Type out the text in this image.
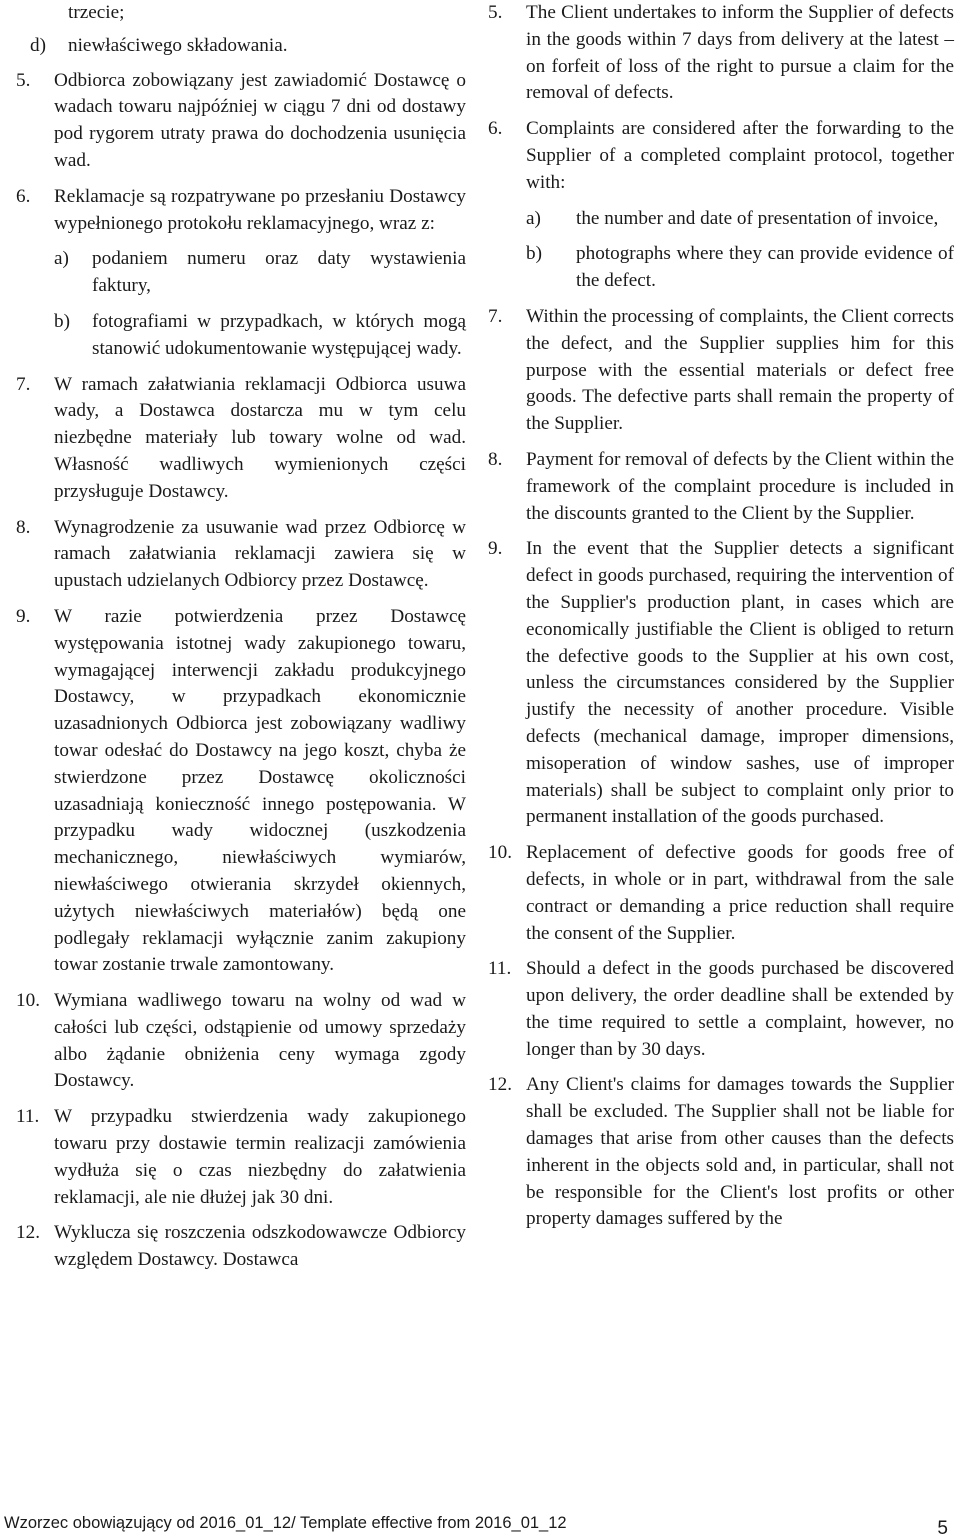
trzecie;
d)	niewłaściwego składowania.
5.	Odbiorca zobowiązany jest zawiadomić Dostawcę o wadach towaru najpóźniej w ciągu 7 dni od dostawy pod rygorem utraty prawa do dochodzenia usunięcia wad.
6.	Reklamacje są rozpatrywane po przesłaniu Dostawcy wypełnionego protokołu reklamacyjnego, wraz z:
a)	podaniem numeru oraz daty wystawienia faktury,
b)	fotografiami w przypadkach, w których mogą stanowić udokumentowanie występującej wady.
7.	W ramach załatwiania reklamacji Odbiorca usuwa wady, a Dostawca dostarcza mu w tym celu niezbędne materiały lub towary wolne od wad. Własność wadliwych wymienionych części przysługuje Dostawcy.
8.	Wynagrodzenie za usuwanie wad przez Odbiorcę w ramach załatwiania reklamacji zawiera się w upustach udzielanych Odbiorcy przez Dostawcę.
9.	W razie potwierdzenia przez Dostawcę występowania istotnej wady zakupionego towaru, wymagającej interwencji zakładu produkcyjnego Dostawcy, w przypadkach ekonomicznie uzasadnionych Odbiorca jest zobowiązany wadliwy towar odesłać do Dostawcy na jego koszt, chyba że stwierdzone przez Dostawcę okoliczności uzasadniają konieczność innego postępowania. W przypadku wady widocznej (uszkodzenia mechanicznego, niewłaściwych wymiarów, niewłaściwego otwierania skrzydeł okiennych, użytych niewłaściwych materiałów) będą one podlegały reklamacji wyłącznie zanim zakupiony towar zostanie trwale zamontowany.
10. Wymiana wadliwego towaru na wolny od wad w całości lub części, odstąpienie od umowy sprzedaży albo żądanie obniżenia ceny wymaga zgody Dostawcy.
11. W przypadku stwierdzenia wady zakupionego towaru przy dostawie termin realizacji zamówienia wydłuża się o czas niezbędny do załatwienia reklamacji, ale nie dłużej jak 30 dni.
12. Wyklucza się roszczenia odszkodowawcze Odbiorcy względem Dostawcy. Dostawca
5.	The Client undertakes to inform the Supplier of defects in the goods within 7 days from delivery at the latest – on forfeit of loss of the right to pursue a claim for the removal of defects.
6.	Complaints are considered after the forwarding to the Supplier of a completed complaint protocol, together with:
a)	the number and date of presentation of invoice,
b)	photographs where they can provide evidence of the defect.
7.	Within the processing of complaints, the Client corrects the defect, and the Supplier supplies him for this purpose with the essential materials or defect free goods. The defective parts shall remain the property of the Supplier.
8.	Payment for removal of defects by the Client within the framework of the complaint procedure is included in the discounts granted to the Client by the Supplier.
9.	In the event that the Supplier detects a significant defect in goods purchased, requiring the intervention of the Supplier's production plant, in cases which are economically justifiable the Client is obliged to return the defective goods to the Supplier at his own cost, unless the circumstances considered by the Supplier justify the necessity of another procedure. Visible defects (mechanical damage, improper dimensions, misoperation of window sashes, use of improper materials) shall be subject to complaint only prior to permanent installation of the goods purchased.
10. Replacement of defective goods for goods free of defects, in whole or in part, withdrawal from the sale contract or demanding a price reduction shall require the consent of the Supplier.
11. Should a defect in the goods purchased be discovered upon delivery, the order deadline shall be extended by the time required to settle a complaint, however, no longer than by 30 days.
12. Any Client's claims for damages towards the Supplier shall be excluded. The Supplier shall not be liable for damages that arise from other causes than the defects inherent in the objects sold and, in particular, shall not be responsible for the Client's lost profits or other property damages suffered by the
Wzorzec obowiązujący od 2016_01_12/ Template effective from 2016_01_12	5
